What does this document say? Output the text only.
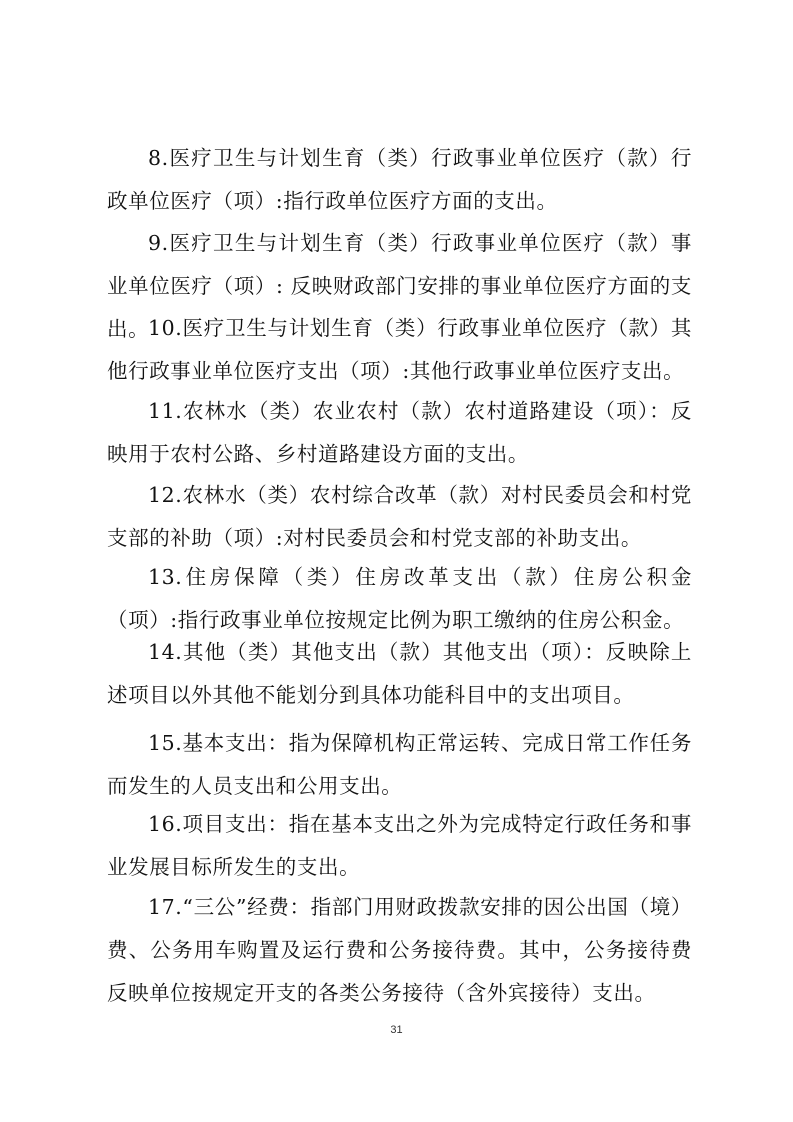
8.医疗卫生与计划生育（类）行政事业单位医疗（款）行政单位医疗（项）:指行政单位医疗方面的支出。

9.医疗卫生与计划生育（类）行政事业单位医疗（款）事业单位医疗（项）: 反映财政部门安排的事业单位医疗方面的支出。

10.医疗卫生与计划生育（类）行政事业单位医疗（款）其他行政事业单位医疗支出（项）:其他行政事业单位医疗支出。

11.农林水（类）农业农村（款）农村道路建设（项）：反映用于农村公路、乡村道路建设方面的支出。

12.农林水（类）农村综合改革（款）对村民委员会和村党支部的补助（项）:对村民委员会和村党支部的补助支出。

13.住房保障（类）住房改革支出（款）住房公积金（项）:指行政事业单位按规定比例为职工缴纳的住房公积金。

14.其他（类）其他支出（款）其他支出（项）：反映除上述项目以外其他不能划分到具体功能科目中的支出项目。

15.基本支出：指为保障机构正常运转、完成日常工作任务而发生的人员支出和公用支出。

16.项目支出：指在基本支出之外为完成特定行政任务和事业发展目标所发生的支出。

17.“三公”经费：指部门用财政拨款安排的因公出国（境）费、公务用车购置及运行费和公务接待费。其中，公务接待费反映单位按规定开支的各类公务接待（含外宾接待）支出。

31
